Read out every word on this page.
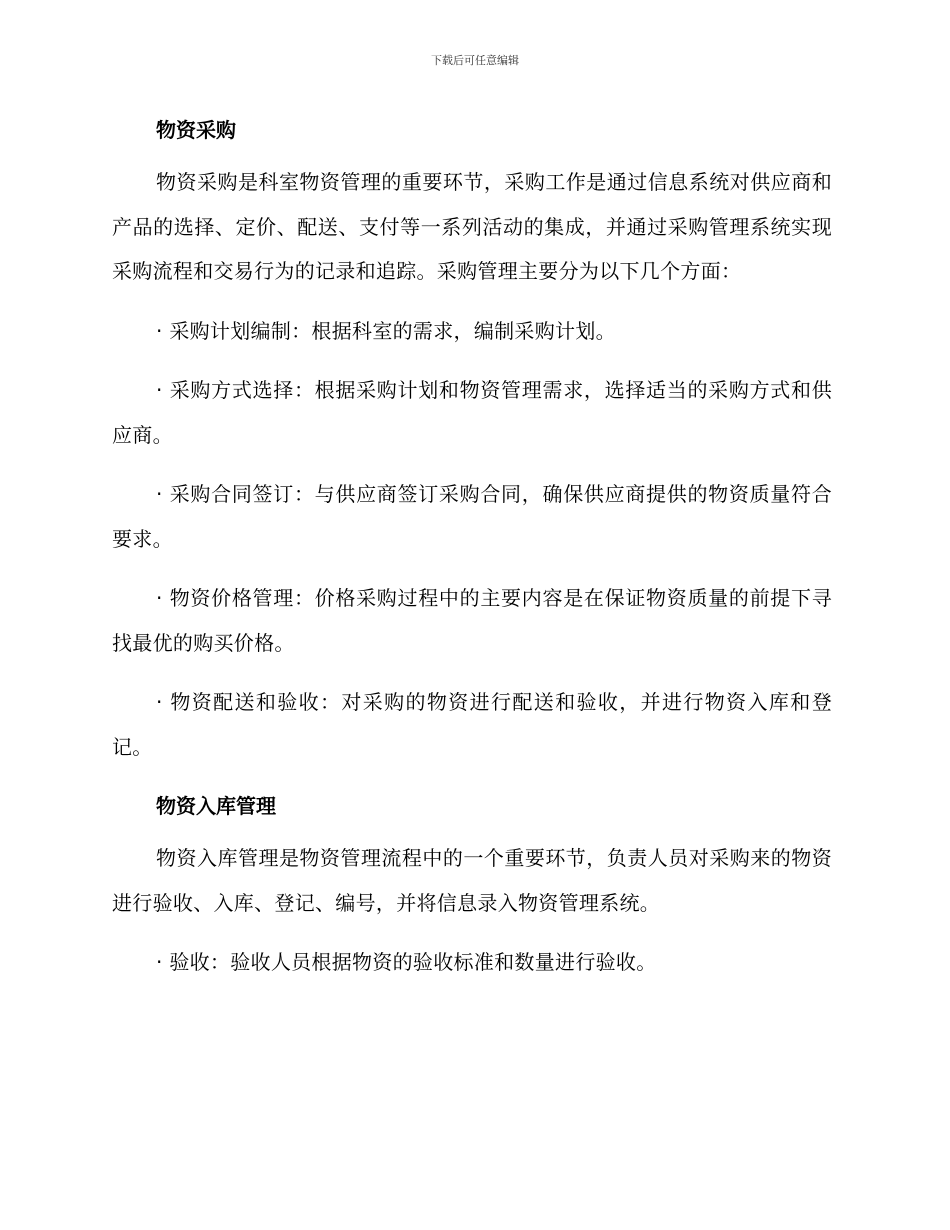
下载后可任意编辑
物资采购

物资采购是科室物资管理的重要环节，采购工作是通过信息系统对供应商和产品的选择、定价、配送、支付等一系列活动的集成，并通过采购管理系统实现采购流程和交易行为的记录和追踪。采购管理主要分为以下几个方面：

· 采购计划编制：根据科室的需求，编制采购计划。

· 采购方式选择：根据采购计划和物资管理需求，选择适当的采购方式和供应商。

· 采购合同签订：与供应商签订采购合同，确保供应商提供的物资质量符合要求。

· 物资价格管理：价格采购过程中的主要内容是在保证物资质量的前提下寻找最优的购买价格。

· 物资配送和验收：对采购的物资进行配送和验收，并进行物资入库和登记。

物资入库管理

物资入库管理是物资管理流程中的一个重要环节，负责人员对采购来的物资进行验收、入库、登记、编号，并将信息录入物资管理系统。

· 验收：验收人员根据物资的验收标准和数量进行验收。
